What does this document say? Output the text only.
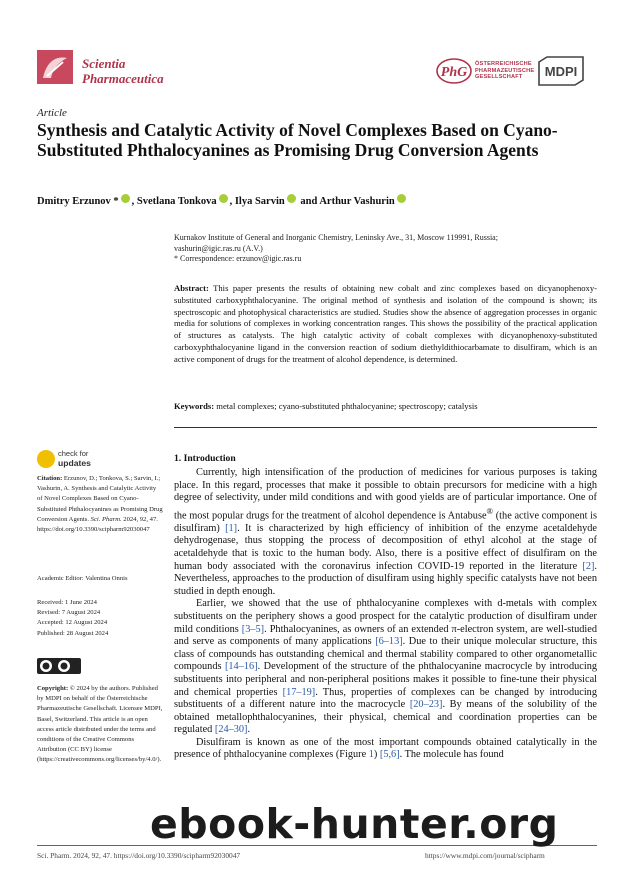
Scientia
Pharmaceutica	PhG
ÖSTERREICHISCHE
PHARMAZEUTISCHE
GESELLSCHAFT	MDPI
Article
Synthesis and Catalytic Activity of Novel Complexes Based on Cyano-Substituted Phthalocyanines as Promising Drug Conversion Agents
Dmitry Erzunov * , Svetlana Tonkova , Ilya Sarvin and Arthur Vashurin
Kurnakov Institute of General and Inorganic Chemistry, Leninsky Ave., 31, Moscow 119991, Russia;
vashurin@igic.ras.ru (A.V.)
* Correspondence: erzunov@igic.ras.ru
Abstract: This paper presents the results of obtaining new cobalt and zinc complexes based on dicyanophenoxy-substituted carboxyphthalocyanine. The original method of synthesis and isolation of the compound is shown; its spectroscopic and photophysical characteristics are studied. Studies show the absence of aggregation processes in organic media for solutions of complexes in working concentration ranges. This shows the possibility of the practical application of structures as catalysts. The high catalytic activity of cobalt complexes with dicyanophenoxy-substituted carboxyphthalocyanine ligand in the conversion reaction of sodium diethyldithiocarbamate to disulfiram, which is an active component of drugs for the treatment of alcohol dependence, is determined.
Keywords: metal complexes; cyano-substituted phthalocyanine; spectroscopy; catalysis
check for
updates
Citation: Erzunov, D.; Tonkova, S.; Sarvin, I.; Vashurin, A. Synthesis and Catalytic Activity of Novel Complexes Based on Cyano-Substituted Phthalocyanines as Promising Drug Conversion Agents. Sci. Pharm. 2024, 92, 47. https://doi.org/10.3390/scipharm92030047
Academic Editor: Valentina Onnis
Received: 1 June 2024
Revised: 7 August 2024
Accepted: 12 August 2024
Published: 28 August 2024
Copyright: © 2024 by the authors. Published by MDPI on behalf of the Österreichische Pharmazeutische Gesellschaft. Licensee MDPI, Basel, Switzerland. This article is an open access article distributed under the terms and conditions of the Creative Commons Attribution (CC BY) license (https://creativecommons.org/licenses/by/4.0/).
1. Introduction

Currently, high intensification of the production of medicines for various purposes is taking place. In this regard, processes that make it possible to obtain precursors for medicine with a high degree of selectivity, under mild conditions and with good yields are of particular importance. One of the most popular drugs for the treatment of alcohol dependence is Antabuse® (the active component is disulfiram) [1]. It is characterized by high efficiency of inhibition of the enzyme acetaldehyde dehydrogenase, thus stopping the process of decomposition of ethyl alcohol at the stage of acetaldehyde that is toxic to the human body. Also, there is a positive effect of disulfiram on the human body associated with the coronavirus infection COVID-19 reported in the literature [2]. Nevertheless, approaches to the production of disulfiram using highly specific catalysts have not been studied in depth enough.

Earlier, we showed that the use of phthalocyanine complexes with d-metals with complex substituents on the periphery shows a good prospect for the catalytic production of disulfiram under mild conditions [3–5]. Phthalocyanines, as owners of an extended π-electron system, are well-studied and serve as components of many applications [6–13]. Due to their unique molecular structure, this class of compounds has outstanding chemical and thermal stability compared to other organometallic compounds [14–16]. Development of the structure of the phthalocyanine macrocycle by introducing substituents into peripheral and non-peripheral positions makes it possible to fine-tune their physical and chemical properties [17–19]. Thus, properties of complexes can be changed by introducing substituents of a different nature into the macrocycle [20–23]. By means of the solubility of the obtained metallophthalocyanines, their physical, chemical and coordination properties can be regulated [24–30].

Disulfiram is known as one of the most important compounds obtained catalytically in the presence of phthalocyanine complexes (Figure 1) [5,6]. The molecule has found

Sci. Pharm. 2024, 92, 47. https://doi.org/10.3390/scipharm92030047	https://www.mdpi.com/journal/scipharm
ebook-hunter.org
